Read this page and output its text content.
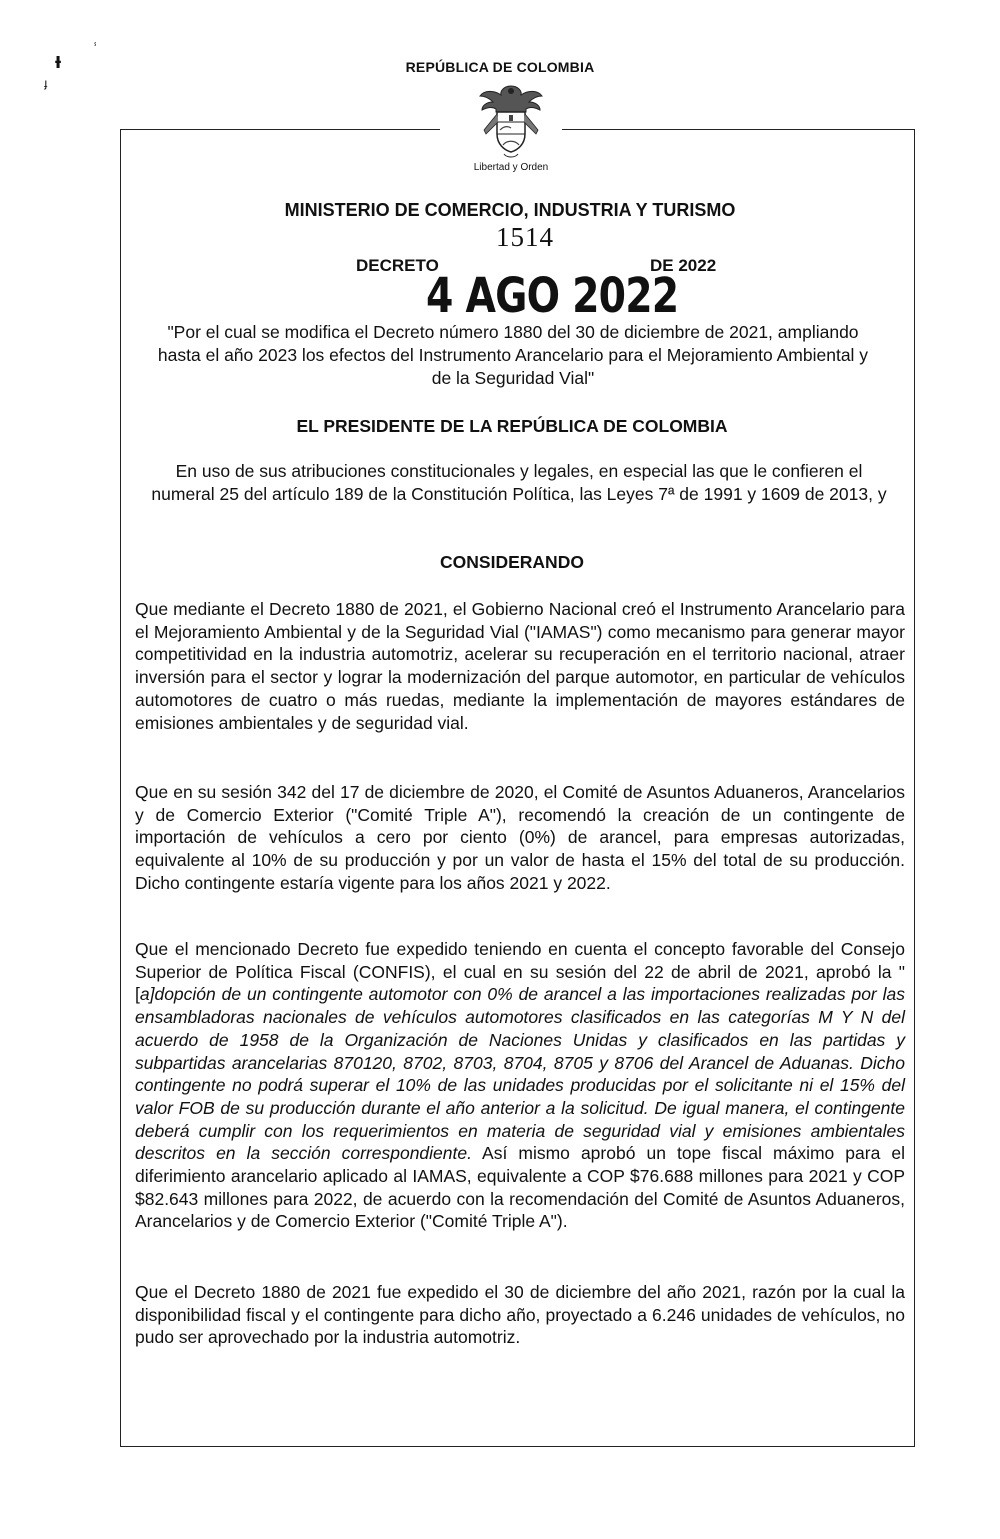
ᵼ	ⸯ
ɟ
REPÚBLICA DE COLOMBIA
Libertad y Orden
MINISTERIO DE COMERCIO, INDUSTRIA Y TURISMO
1514
DECRETO	DE 2022
4 AGO 2022
"Por el cual se modifica el Decreto número 1880 del 30 de diciembre de 2021, ampliando hasta el año 2023 los efectos del Instrumento Arancelario para el Mejoramiento Ambiental y de la Seguridad Vial"
EL PRESIDENTE DE LA REPÚBLICA DE COLOMBIA
En uso de sus atribuciones constitucionales y legales, en especial las que le confieren el numeral 25 del artículo 189 de la Constitución Política, las Leyes 7ª de 1991 y 1609 de 2013, y
CONSIDERANDO
Que mediante el Decreto 1880 de 2021, el Gobierno Nacional creó el Instrumento Arancelario para el Mejoramiento Ambiental y de la Seguridad Vial ("IAMAS") como mecanismo para generar mayor competitividad en la industria automotriz, acelerar su recuperación en el territorio nacional, atraer inversión para el sector y lograr la modernización del parque automotor, en particular de vehículos automotores de cuatro o más ruedas, mediante la implementación de mayores estándares de emisiones ambientales y de seguridad vial.
Que en su sesión 342 del 17 de diciembre de 2020, el Comité de Asuntos Aduaneros, Arancelarios y de Comercio Exterior ("Comité Triple A"), recomendó la creación de un contingente de importación de vehículos a cero por ciento (0%) de arancel, para empresas autorizadas, equivalente al 10% de su producción y por un valor de hasta el 15% del total de su producción. Dicho contingente estaría vigente para los años 2021 y 2022.
Que el mencionado Decreto fue expedido teniendo en cuenta el concepto favorable del Consejo Superior de Política Fiscal (CONFIS), el cual en su sesión del 22 de abril de 2021, aprobó la "[a]dopción de un contingente automotor con 0% de arancel a las importaciones realizadas por las ensambladoras nacionales de vehículos automotores clasificados en las categorías M Y N del acuerdo de 1958 de la Organización de Naciones Unidas y clasificados en las partidas y subpartidas arancelarias 870120, 8702, 8703, 8704, 8705 y 8706 del Arancel de Aduanas. Dicho contingente no podrá superar el 10% de las unidades producidas por el solicitante ni el 15% del valor FOB de su producción durante el año anterior a la solicitud. De igual manera, el contingente deberá cumplir con los requerimientos en materia de seguridad vial y emisiones ambientales descritos en la sección correspondiente. Así mismo aprobó un tope fiscal máximo para el diferimiento arancelario aplicado al IAMAS, equivalente a COP $76.688 millones para 2021 y COP $82.643 millones para 2022, de acuerdo con la recomendación del Comité de Asuntos Aduaneros, Arancelarios y de Comercio Exterior ("Comité Triple A").
Que el Decreto 1880 de 2021 fue expedido el 30 de diciembre del año 2021, razón por la cual la disponibilidad fiscal y el contingente para dicho año, proyectado a 6.246 unidades de vehículos, no pudo ser aprovechado por la industria automotriz.
